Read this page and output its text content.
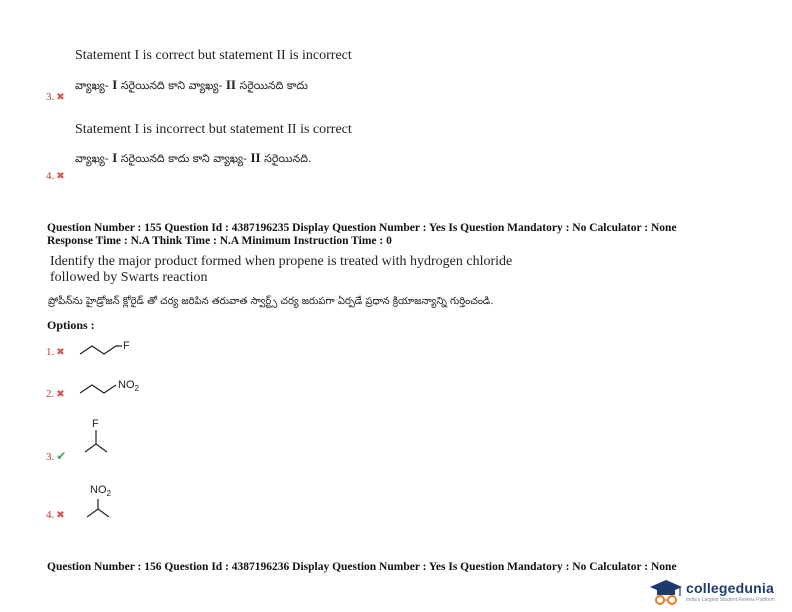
Statement I is correct but statement II is incorrect
వ్యాఖ్య- I సరైయినది కాని వ్యాఖ్య- II సరైయినది కాదు
3. ✖
Statement I is incorrect but statement II is correct
వ్యాఖ్య- I సరైయినది కాదు కాని వ్యాఖ్య- II సరైయినది.
4. ✖
Question Number : 155 Question Id : 4387196235 Display Question Number : Yes Is Question Mandatory : No Calculator : None
Response Time : N.A Think Time : N.A Minimum Instruction Time : 0
Identify the major product formed when propene is treated with hydrogen chloride
followed by Swarts reaction
ప్రోపీన్‌ను హైడ్రోజన్ క్లోరైడ్ తో చర్య జరిపిన తరువాత స్వార్ట్స్ చర్య జరుపగా ఏర్పడే ప్రధాన క్రియాజన్యాన్ని గుర్తించండి.
Options :
1. ✖
F
2. ✖
$NO_2$
3. ✔
F
4. ✖
$NO_2$
Question Number : 156 Question Id : 4387196236 Display Question Number : Yes Is Question Mandatory : No Calculator : None
collegedunia
India's Largest Student Review Platform
